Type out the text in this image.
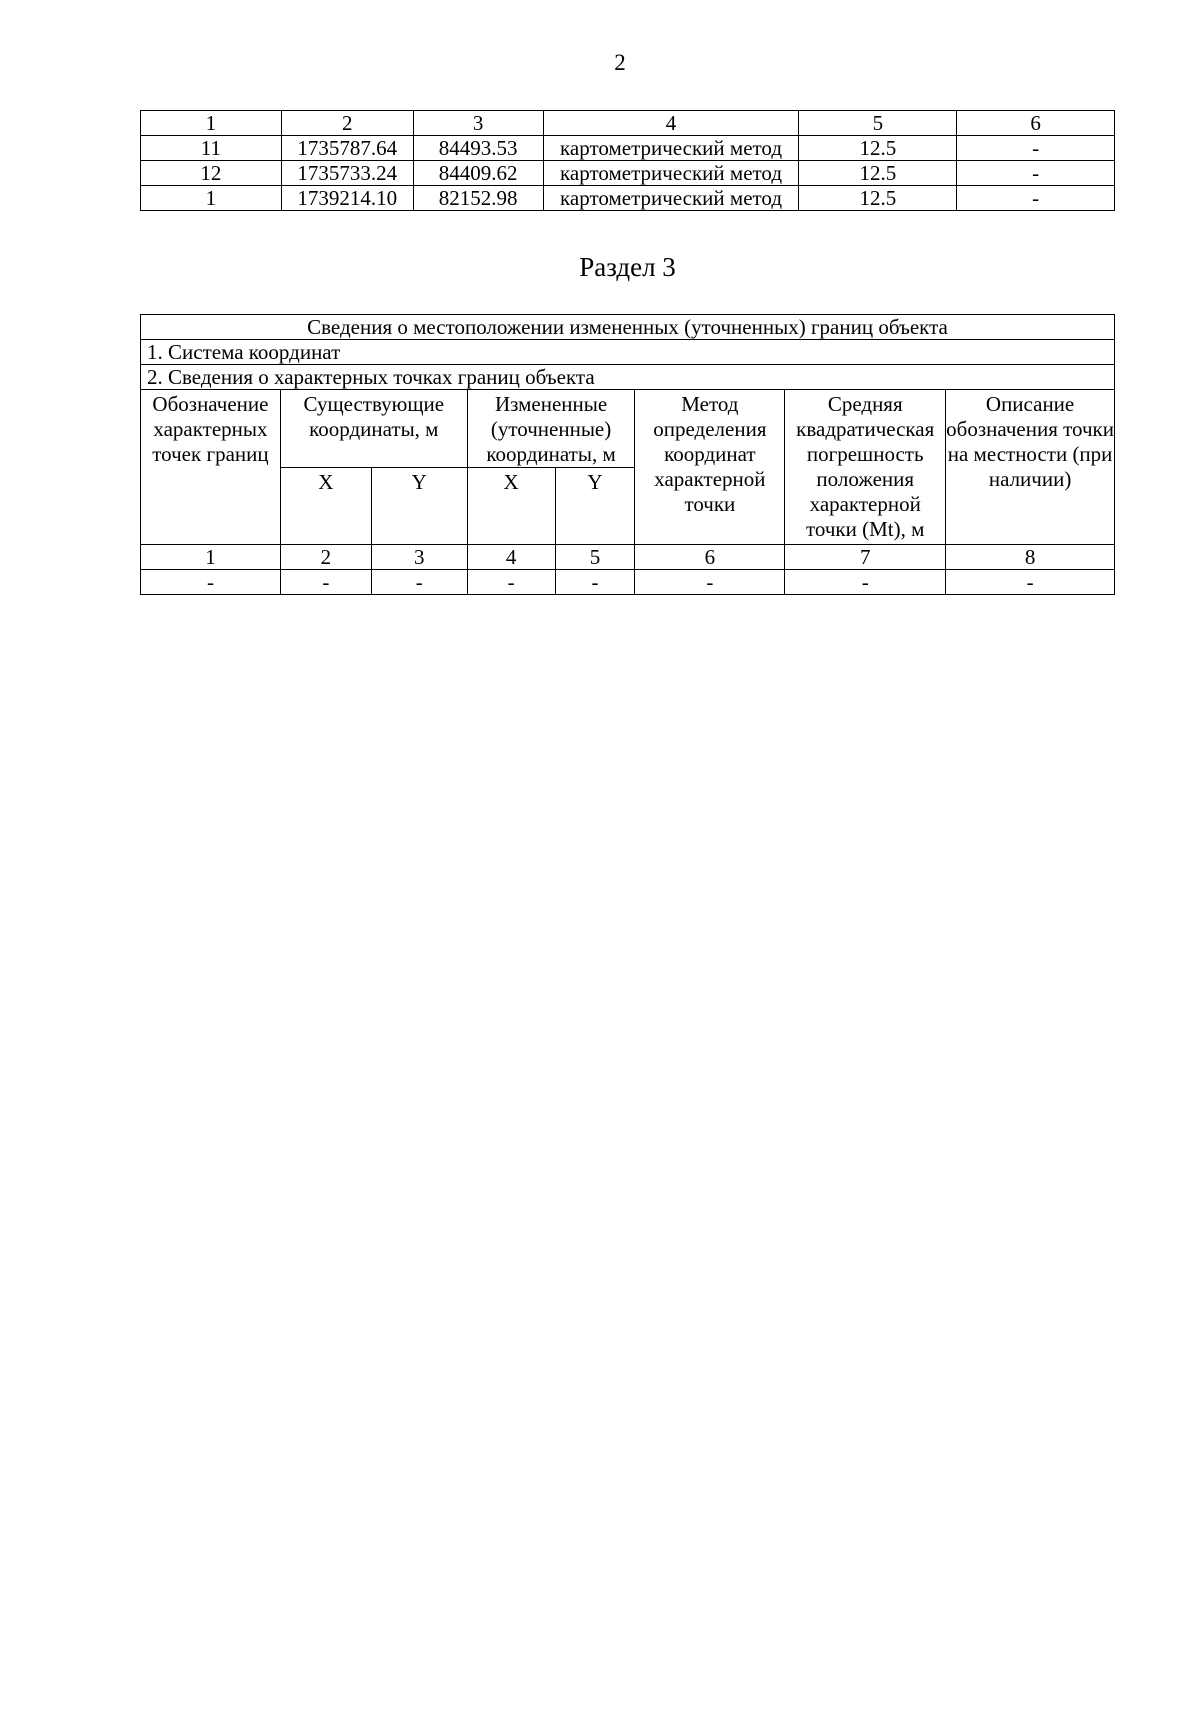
2
1	2	3	4	5	6
11	1735787.64	84493.53	картометрический метод	12.5	-
12	1735733.24	84409.62	картометрический метод	12.5	-
1	1739214.10	82152.98	картометрический метод	12.5	-
Раздел 3
Сведения о местоположении измененных (уточненных) границ объекта							
1. Система координат							
2. Сведения о характерных точках границ объекта							
Обозначение характерных точек границ	Существующие координаты, м		Измененные (уточненные) координаты, м		Метод определения координат характерной точки	Средняя квадратическая погрешность положения характерной точки (Mt), м	Описание обозначения точки на местности (при наличии)
	X	Y	X	Y			
1	2	3	4	5	6	7	8
-	-	-	-	-	-	-	-
